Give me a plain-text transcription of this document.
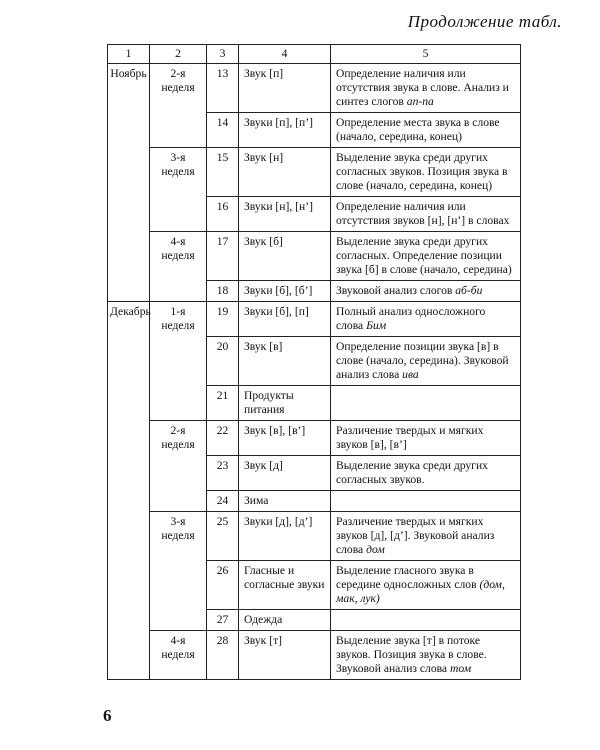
Продолжение табл.
1	2	3	4	5
Ноябрь	2-я неделя	13	Звук [п]	Определение наличия или отсутствия звука в слове. Анализ и синтез слогов ап-па
		14	Звуки [п], [п’]	Определение места звука в слове (начало, середина, конец)
	3-я неделя	15	Звук [н]	Выделение звука среди других согласных звуков. Позиция звука в слове (начало, середина, конец)
		16	Звуки [н], [н’]	Определение наличия или отсутствия звуков [н], [н’] в словах
	4-я неделя	17	Звук [б]	Выделение звука среди других согласных. Определение позиции звука [б] в слове (начало, середина)
		18	Звуки [б], [б’]	Звуковой анализ слогов аб-би
Декабрь	1-я неделя	19	Звуки [б], [п]	Полный анализ односложного слова Бим
		20	Звук [в]	Определение позиции звука [в] в слове (начало, середина). Звуковой анализ слова ива
		21	Продукты питания	
	2-я неделя	22	Звук [в], [в’]	Различение твердых и мягких звуков [в], [в’]
		23	Звук [д]	Выделение звука среди других согласных звуков.
		24	Зима	
	3-я неделя	25	Звуки [д], [д’]	Различение твердых и мягких звуков [д], [д’]. Звуковой анализ слова дом
		26	Гласные и согласные звуки	Выделение гласного звука в середине односложных слов (дом, мак, лук)
		27	Одежда	
	4-я неделя	28	Звук [т]	Выделение звука [т] в потоке звуков. Позиция звука в слове. Звуковой анализ слова том
6
